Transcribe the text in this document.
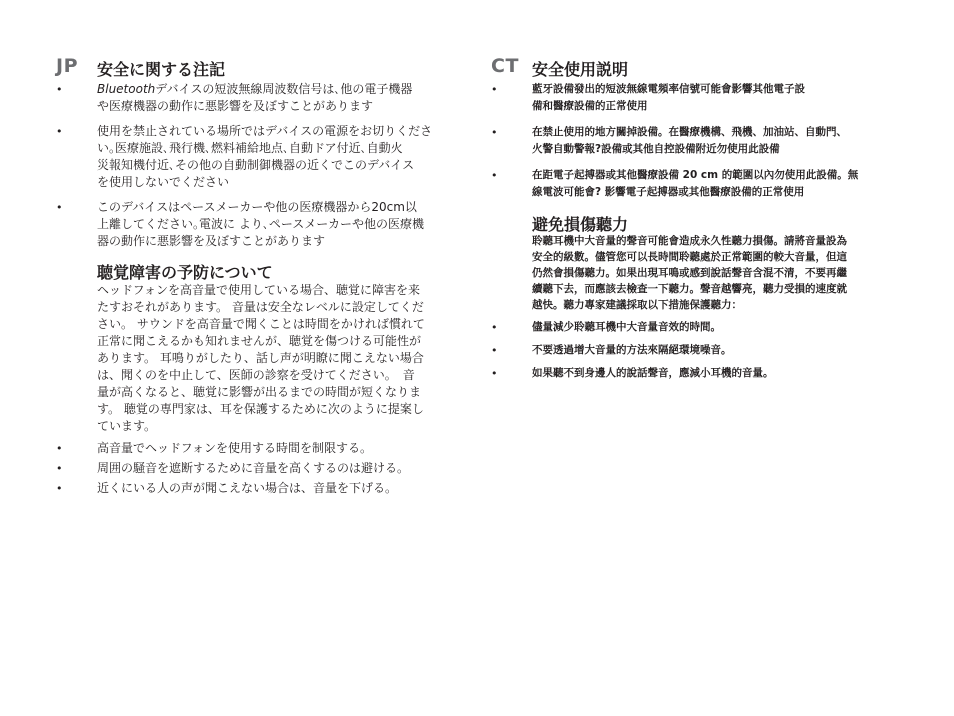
JP 安全に関する注記
•	Bluetoothデバイスの短波無線周波数信号は､他の電子機器
や医療機器の動作に悪影響を及ぼすことがあります
•	使用を禁止されている場所ではデバイスの電源をお切りくださ
い｡医療施設､飛行機､燃料補給地点､自動ドア付近､自動火
災報知機付近､その他の自動制御機器の近くでこのデバイス
を使用しないでください
•	このデバイスはペースメーカーや他の医療機器から20cm以
上離してください｡電波に より､ペースメーカーや他の医療機
器の動作に悪影響を及ぼすことがあります
聴覚障害の予防について
ヘッドフォンを高音量で使用している場合、聴覚に障害を来
たすおそれがあります。 音量は安全なレベルに設定してくだ
さい。 サウンドを高音量で聞くことは時間をかければ慣れて
正常に聞こえるかも知れませんが、聴覚を傷つける可能性が
あります。 耳鳴りがしたり、話し声が明瞭に聞こえない場合
は、聞くのを中止して、医師の診察を受けてください。　音
量が高くなると、聴覚に影響が出るまでの時間が短くなりま
す。 聴覚の専門家は、耳を保護するために次のように提案し
ています。
•	高音量でヘッドフォンを使用する時間を制限する。
•	周囲の騒音を遮断するために音量を高くするのは避ける。
•	近くにいる人の声が聞こえない場合は、音量を下げる。
CT 安全使用説明
•	藍牙設備發出的短波無線電頻率信號可能會影響其他電子設
備和醫療設備的正常使用
•	在禁止使用的地方關掉設備。在醫療機構、飛機、加油站、自動門、
火警自動警報?設備或其他自控設備附近勿使用此設備
•	在距電子起搏器或其他醫療設備 20 cm 的範圍以內勿使用此設備。無
線電波可能會? 影響電子起搏器或其他醫療設備的正常使用
避免損傷聽力
聆聽耳機中大音量的聲音可能會造成永久性聽力損傷。請將音量設為
安全的級數。儘管您可以長時間聆聽處於正常範圍的較大音量，但這
仍然會損傷聽力。如果出現耳鳴或感到說話聲音含混不清，不要再繼
續聽下去，而應該去檢查一下聽力。聲音越響亮，聽力受損的速度就
越快。聽力專家建議採取以下措施保護聽力：
•	儘量減少聆聽耳機中大音量音效的時間。
•	不要透過增大音量的方法來隔絕環境噪音。
•	如果聽不到身邊人的說話聲音，應減小耳機的音量。
